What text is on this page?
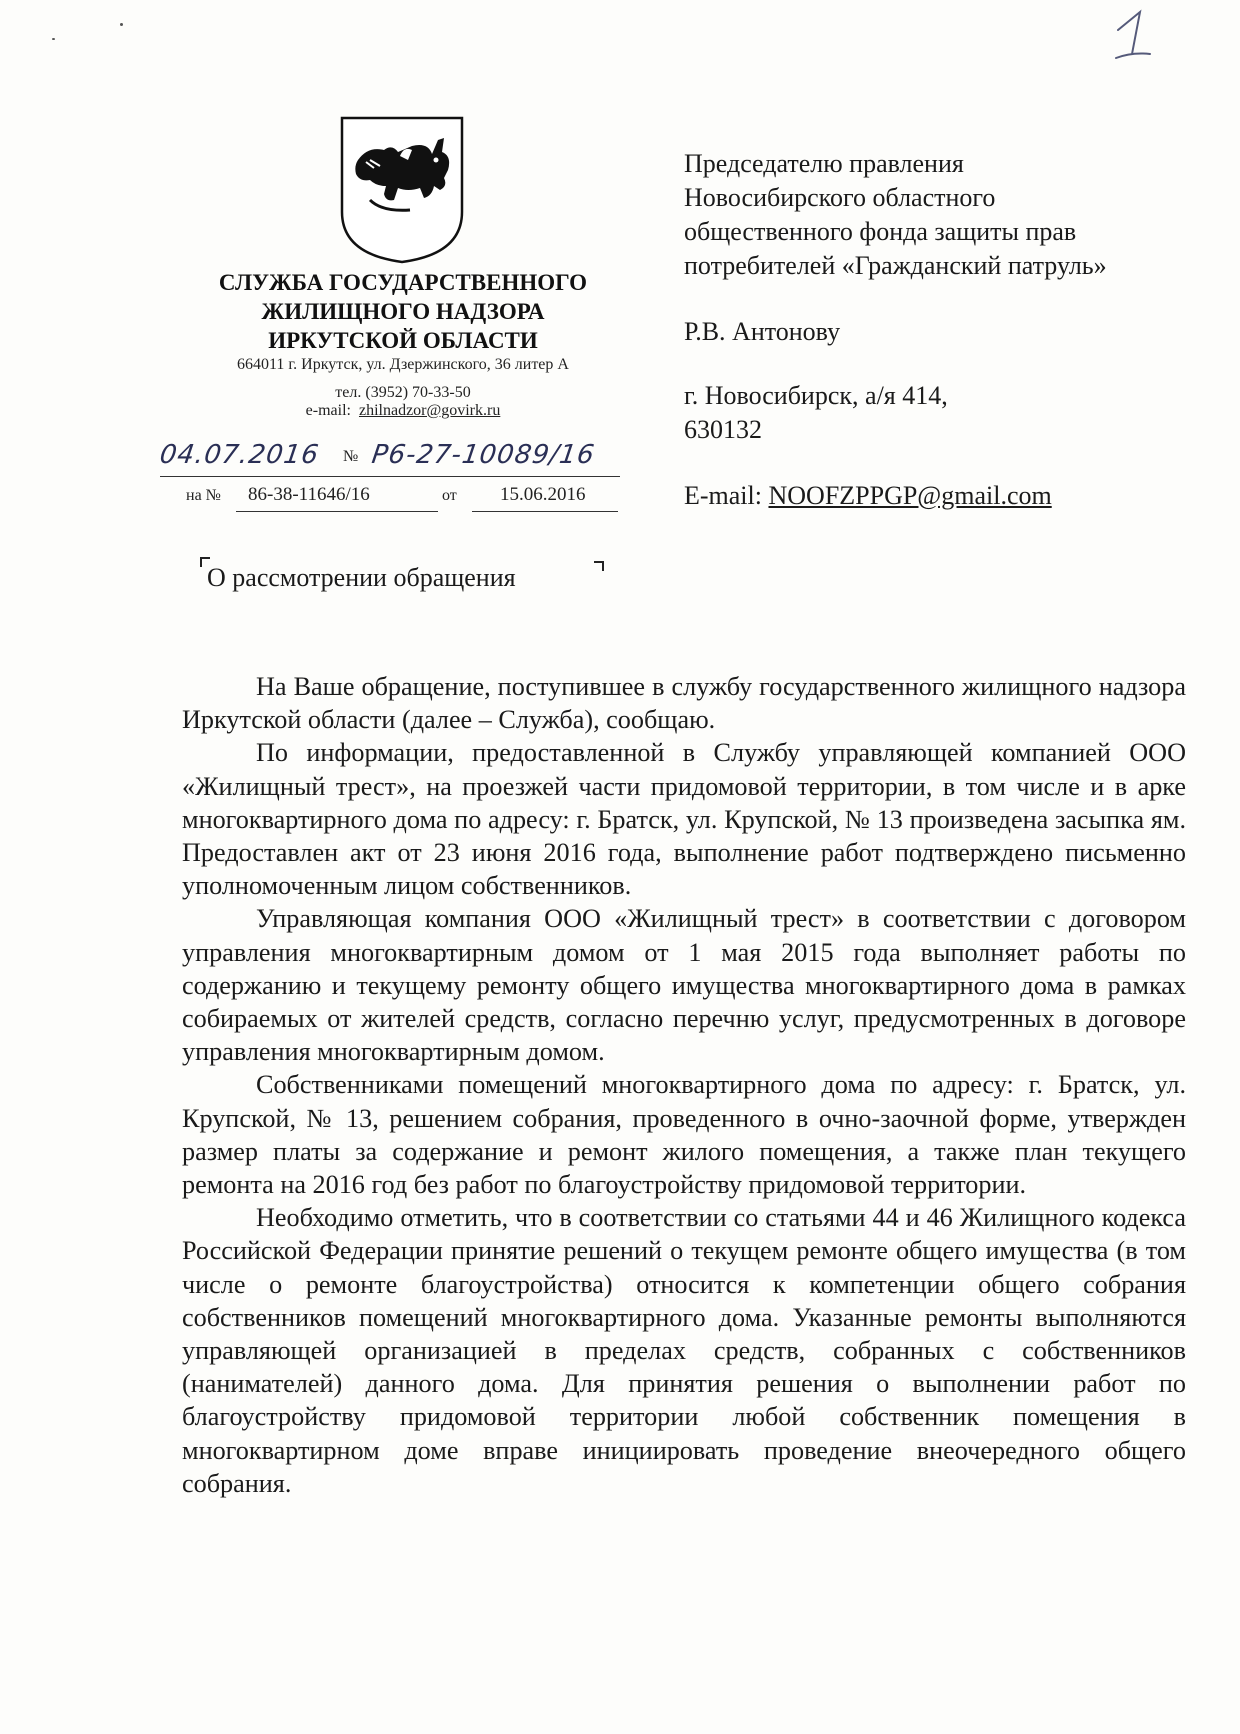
СЛУЖБА ГОСУДАРСТВЕННОГО
ЖИЛИЩНОГО НАДЗОРА
ИРКУТСКОЙ ОБЛАСТИ
664011 г. Иркутск, ул. Дзержинского, 36 литер А
тел. (3952) 70-33-50
e-mail: zhilnadzor@govirk.ru
04.07.2016 № Р6-27-10089/16
на № 86-38-11646/16	от 15.06.2016

Председателю правления

Новосибирского областного

общественного фонда защиты прав

потребителей «Гражданский патруль»

Р.В. Антонову

г. Новосибирск, а/я 414,

630132

E-mail: NOOFZPPGP@gmail.com

О рассмотрении обращения

На Ваше обращение, поступившее в службу государственного жилищного надзора Иркутской области (далее – Служба), сообщаю.

По информации, предоставленной в Службу управляющей компанией ООО «Жилищный трест», на проезжей части придомовой территории, в том числе и в арке многоквартирного дома по адресу: г. Братск, ул. Крупской, № 13 произведена засыпка ям. Предоставлен акт от 23 июня 2016 года, выполнение работ подтверждено письменно уполномоченным лицом собственников.

Управляющая компания ООО «Жилищный трест» в соответствии с договором управления многоквартирным домом от 1 мая 2015 года выполняет работы по содержанию и текущему ремонту общего имущества многоквартирного дома в рамках собираемых от жителей средств, согласно перечню услуг, предусмотренных в договоре управления многоквартирным домом.

Собственниками помещений многоквартирного дома по адресу: г. Братск, ул. Крупской, № 13, решением собрания, проведенного в очно-заочной форме, утвержден размер платы за содержание и ремонт жилого помещения, а также план текущего ремонта на 2016 год без работ по благоустройству придомовой территории.

Необходимо отметить, что в соответствии со статьями 44 и 46 Жилищного кодекса Российской Федерации принятие решений о текущем ремонте общего имущества (в том числе о ремонте благоустройства) относится к компетенции общего собрания собственников помещений многоквартирного дома. Указанные ремонты выполняются управляющей организацией в пределах средств, собранных с собственников (нанимателей) данного дома. Для принятия решения о выполнении работ по благоустройству придомовой территории любой собственник помещения в многоквартирном доме вправе инициировать проведение внеочередного общего собрания.
